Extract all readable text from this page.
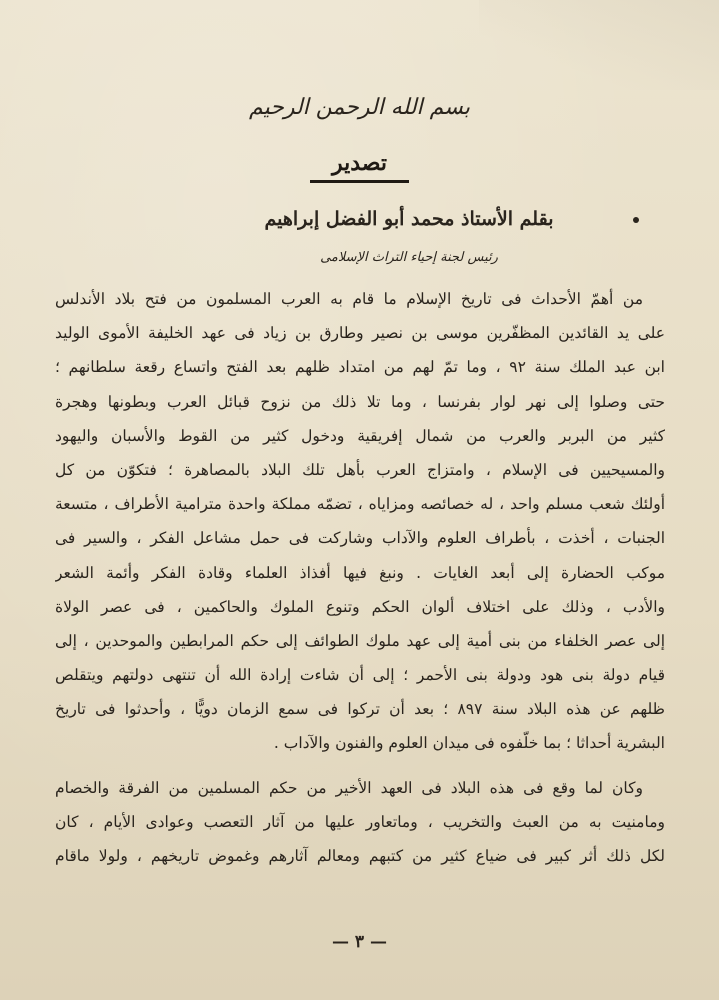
بسم الله الرحمن الرحيم
تصدير
بقلم الأستاذ محمد أبو الفضل إبراهيم
رئيس لجنة إحياء التراث الإسلامى
من أهمّ الأحداث فى تاريخ الإسلام ما قام به العرب المسلمون من فتح بلاد الأندلس
على يد القائدين المظفّرين موسى بن نصير وطارق بن زياد فى عهد الخليفة الأموى الوليد
ابن عبد الملك سنة ٩٢ ، وما تمّ لهم من امتداد ظلهم بعد الفتح واتساع رقعة سلطانهم ؛
حتى وصلوا إلى نهر لوار بفرنسا ، وما تلا ذلك من نزوح قبائل العرب وبطونها وهجرة
كثير من البربر والعرب من شمال إفريقية ودخول كثير من القوط والأسبان واليهود
والمسيحيين فى الإسلام ، وامتزاج العرب بأهل تلك البلاد بالمصاهرة ؛ فتكوّن من كل
أولئك شعب مسلم واحد ، له خصائصه ومزاياه ، تضمّه مملكة واحدة مترامية الأطراف ، متسعة
الجنبات ، أخذت ، بأطراف العلوم والآداب وشاركت فى حمل مشاعل الفكر ، والسير فى
موكب الحضارة إلى أبعد الغايات . ونبغ فيها أفذاذ العلماء وقادة الفكر وأئمة الشعر
والأدب ، وذلك على اختلاف ألوان الحكم وتنوع الملوك والحاكمين ، فى عصر الولاة
إلى عصر الخلفاء من بنى أمية إلى عهد ملوك الطوائف إلى حكم المرابطين والموحدين ، إلى
قيام دولة بنى هود ودولة بنى الأحمر ؛ إلى أن شاءت إرادة الله أن تنتهى دولتهم ويتقلص
ظلهم عن هذه البلاد سنة ٨٩٧ ؛ بعد أن تركوا فى سمع الزمان دويًّا ، وأحدثوا فى تاريخ
البشرية أحداثا ؛ بما خلّفوه فى ميدان العلوم والفنون والآداب .
وكان لما وقع فى هذه البلاد فى العهد الأخير من حكم المسلمين من الفرقة والخصام
ومامنيت به من العبث والتخريب ، وماتعاور عليها من آثار التعصب وعوادى الأيام ، كان
لكل ذلك أثر كبير فى ضياع كثير من كتبهم ومعالم آثارهم وغموض تاريخهم ، ولولا ماقام
— ٣ —
